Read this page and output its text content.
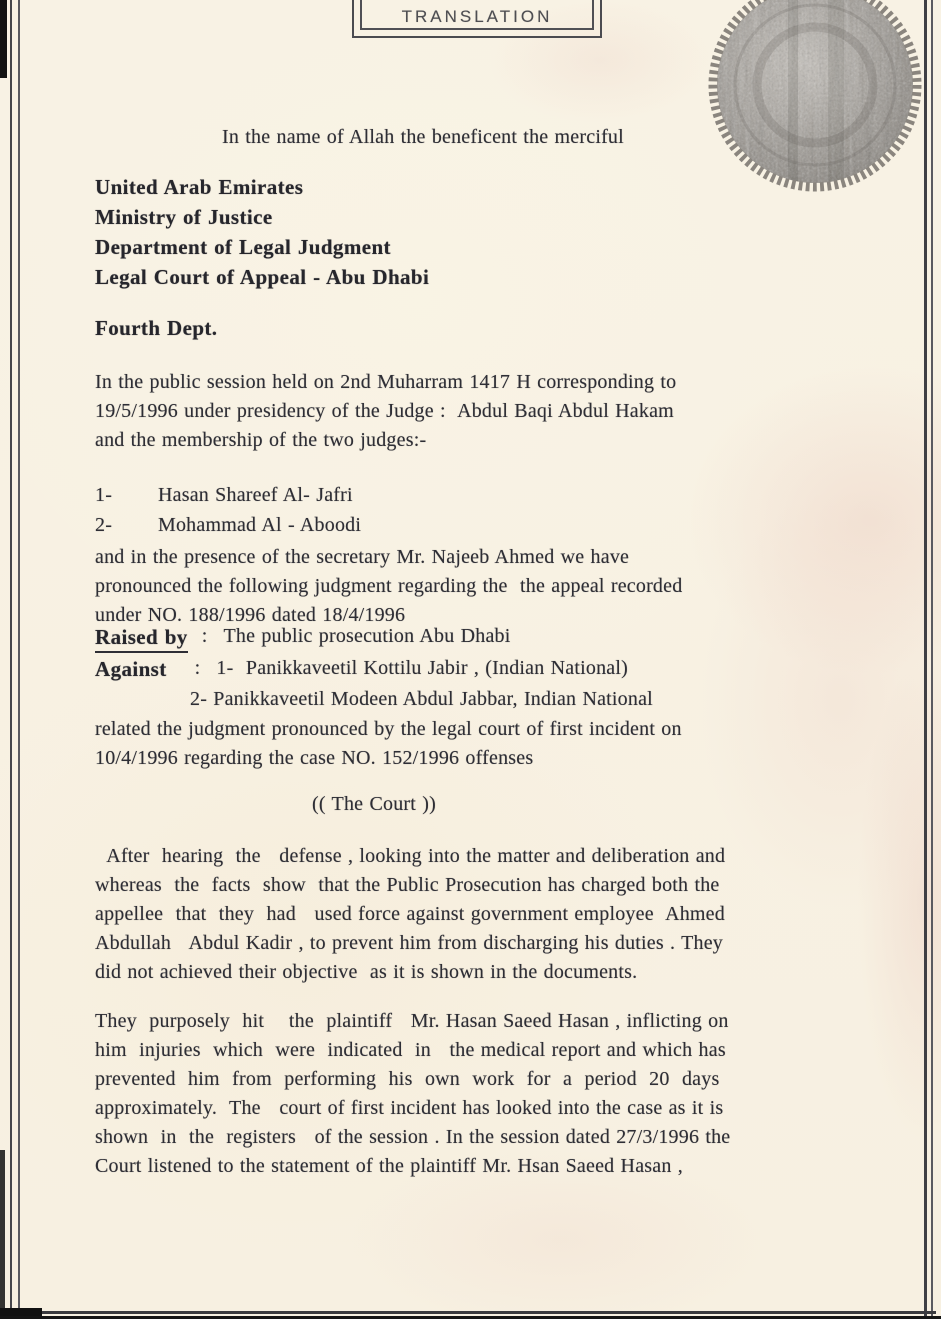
TRANSLATION
In the name of Allah the beneficent the merciful
United Arab Emirates
Ministry of Justice
Department of Legal Judgment
Legal Court of Appeal - Abu Dhabi
Fourth Dept.
In the public session held on 2nd Muharram 1417 H corresponding to
19/5/1996 under presidency of the Judge :  Abdul Baqi Abdul Hakam
and the membership of the two judges:-
1- Hasan Shareef Al- Jafri
2- Mohammad Al - Aboodi
and in the presence of the secretary Mr. Najeeb Ahmed we have
pronounced the following judgment regarding the  the appeal recorded
under NO. 188/1996 dated 18/4/1996
Raised by : The public prosecution Abu Dhabi
Against : 1-  Panikkaveetil Kottilu Jabir , (Indian National)
2- Panikkaveetil Modeen Abdul Jabbar, Indian National
related the judgment pronounced by the legal court of first incident on
10/4/1996 regarding the case NO. 152/1996 offenses
(( The Court ))
After  hearing  the   defense , looking into the matter and deliberation and
whereas  the  facts  show  that the Public Prosecution has charged both the
appellee  that  they  had   used force against government employee  Ahmed
Abdullah   Abdul Kadir , to prevent him from discharging his duties . They
did not achieved their objective  as it is shown in the documents.
They  purposely  hit    the  plaintiff   Mr. Hasan Saeed Hasan , inflicting on
him  injuries  which  were  indicated  in   the medical report and which has
prevented  him  from  performing  his  own  work  for  a  period  20  days
approximately.  The   court of first incident has looked into the case as it is
shown  in  the  registers   of the session . In the session dated 27/3/1996 the
Court listened to the statement of the plaintiff Mr. Hsan Saeed Hasan ,
